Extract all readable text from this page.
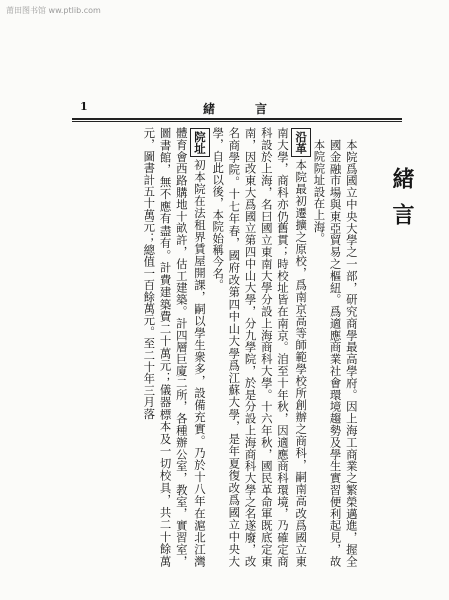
莆田图书馆 ww.ptlib.com
1	緒言
緒言
本院爲國立中央大學之一部，研究商學最高學府。因上海工商業之繁榮邁進，握全國金融市場與東亞貿易之樞紐。爲適應商業社會環境趨勢及學生實習便利起見，故本院院址設在上海。
沿革本院最初遷擴之原校，爲南京高等師範學校所創辦之商科，嗣南高改爲國立東南大學，商科亦仍舊貫；時校址皆在南京。洎至十年秋，因適應商科環境，乃確定商科設於上海，名曰國立東南大學分設上海商科大學。十六年秋，國民革命軍既底定東南，因改東大爲國立第四中山大學，分九學院，於是分設上海商科大學之名遂廢，改名商學院。十七年春，國府改第四中山大學爲江蘇大學，是年夏復改爲國立中央大學，自此以後，本院始稱今名。
院址初本院在法租界賃屋開課，嗣以學生衆多，設備充實。乃於十八年在滬北江灣體育會西路購地十畝許，估工建築。計四層巨廈二所，各種辦公室，教室，實習室，圖書館，無不應有盡有。計費建築費二十萬元；儀器標本及一切校具，共二十餘萬元，圖書計五十萬元；總值一百餘萬元。至二十年三月落
